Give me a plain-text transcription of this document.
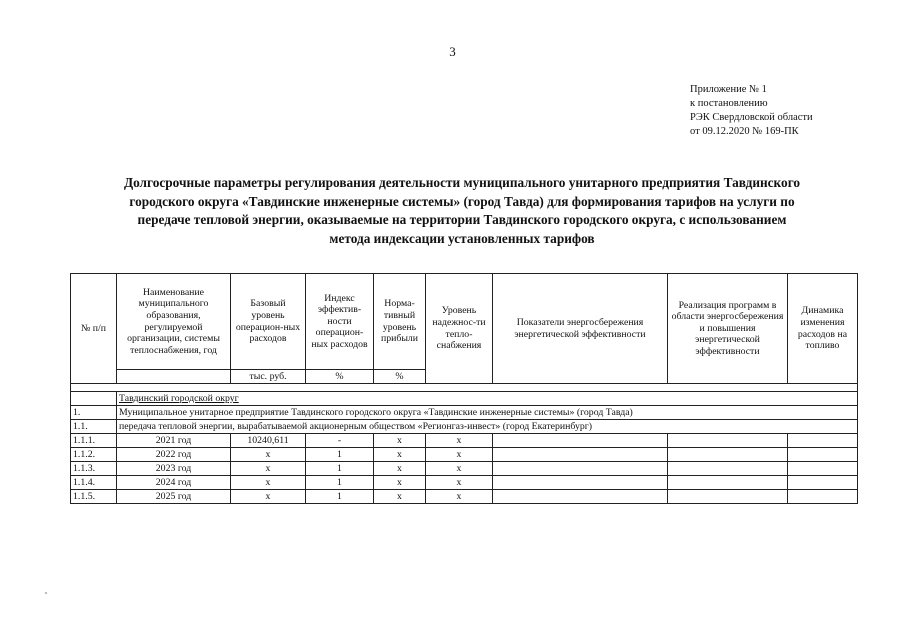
3
Приложение № 1
к постановлению
РЭК Свердловской области
от 09.12.2020 № 169-ПК
Долгосрочные параметры регулирования деятельности муниципального унитарного предприятия Тавдинского
городского округа «Тавдинские инженерные системы» (город Тавда) для формирования тарифов на услуги по
передаче тепловой энергии, оказываемые на территории Тавдинского городского округа, с использованием
метода индексации установленных тарифов
№ п/п	Наименование муниципального образования, регулируемой организации, системы теплоснабжения, год	Базовый уровень операцион-ных расходов	Индекс эффектив-ности операцион-ных расходов	Норма-тивный уровень прибыли	Уровень надежнос-ти тепло-снабжения	Показатели энергосбережения энергетической эффективности	Реализация программ в области энергосбережения и повышения энергетической эффективности	Динамика изменения расходов на топливо
		тыс. руб.	%	%				

	Тавдинский городской округ							
1.	Муниципальное унитарное предприятие Тавдинского городского округа «Тавдинские инженерные системы» (город Тавда)							
1.1.	передача тепловой энергии, вырабатываемой акционерным обществом «Регионгаз-инвест» (город Екатеринбург)							
1.1.1.	2021 год	10240,611	-	x	x			
1.1.2.	2022 год	x	1	x	x			
1.1.3.	2023 год	x	1	x	x			
1.1.4.	2024 год	x	1	x	x			
1.1.5.	2025 год	x	1	x	x			
